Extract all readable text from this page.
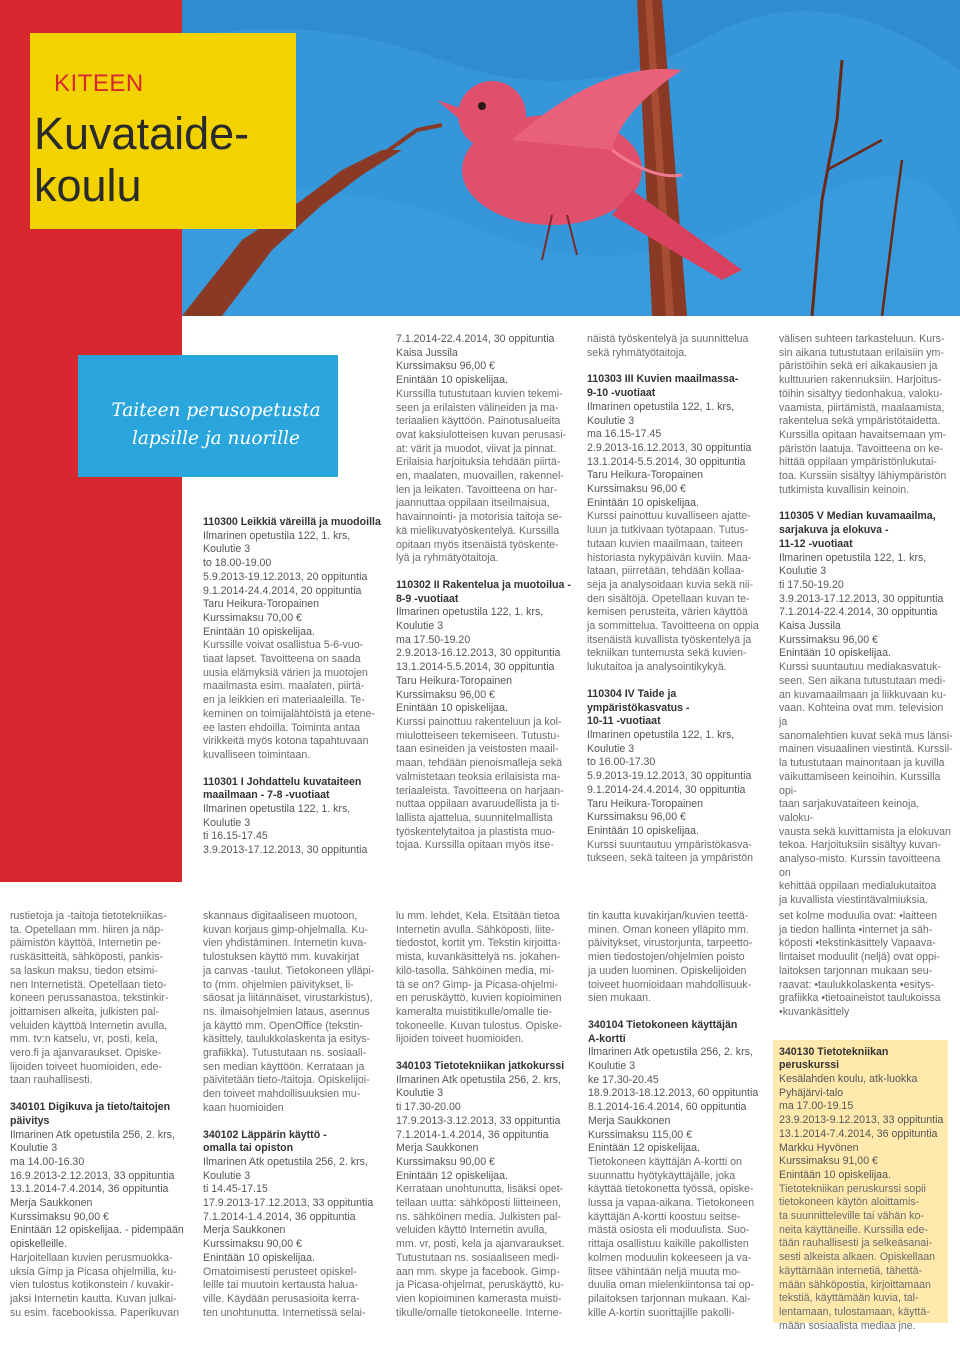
KITEEN
Kuvataide-
koulu
Taiteen perusopetusta
lapsille ja nuorille

110300 Leikkiä väreillä ja muodoilla

Ilmarinen opetustila 122, 1. krs,

Koulutie 3

to 18.00-19.00

5.9.2013-19.12.2013, 20 oppituntia

9.1.2014-24.4.2014, 20 oppituntia

Taru Heikura-Toropainen

Kurssimaksu 70,00 €

Enintään 10 opiskelijaa.

Kurssille voivat osallistua 5-6-vuo-

tiaat lapset. Tavoitteena on saada

uusia elämyksiä värien ja muotojen

maailmasta esim. maalaten, piirtä-

en ja leikkien eri materiaaleilla. Te-

keminen on toimijalähtöistä ja etene-

ee lasten ehdoilla. Toiminta antaa

virikkeitä myös kotona tapahtuvaan

kuvalliseen toimintaan.

110301 I Johdattelu kuvataiteen

maailmaan - 7-8 -vuotiaat

Ilmarinen opetustila 122, 1. krs,

Koulutie 3

ti 16.15-17.45

3.9.2013-17.12.2013, 30 oppituntia

7.1.2014-22.4.2014, 30 oppituntia

Kaisa Jussila

Kurssimaksu 96,00 €

Enintään 10 opiskelijaa.

Kurssilla tutustutaan kuvien tekemi-

seen ja erilaisten välineiden ja ma-

teriaalien käyttöön. Painotusalueita

ovat kaksiulotteisen kuvan perusasi-

at: värit ja muodot, viivat ja pinnat.

Erilaisia harjoituksia tehdään piirtä-

en, maalaten, muovaillen, rakennel-

len ja leikaten. Tavoitteena on har-

jaannuttaa oppilaan itseilmaisua,

havainnointi- ja motorisia taitoja se-

kä mielikuvatyöskentelyä. Kurssilla

opitaan myös itsenäistä työskente-

lyä ja ryhmätyötaitoja.

110302 II Rakentelua ja muotoilua -

8-9 -vuotiaat

Ilmarinen opetustila 122, 1. krs,

Koulutie 3

ma 17.50-19.20

2.9.2013-16.12.2013, 30 oppituntia

13.1.2014-5.5.2014, 30 oppituntia

Taru Heikura-Toropainen

Kurssimaksu 96,00 €

Enintään 10 opiskelijaa.

Kurssi painottuu rakenteluun ja kol-

miulotteiseen tekemiseen. Tutustu-

taan esineiden ja veistosten maail-

maan, tehdään pienoismalleja sekä

valmistetaan teoksia erilaisista ma-

teriaaleista. Tavoitteena on harjaan-

nuttaa oppilaan avaruudellista ja ti-

lallista ajattelua, suunnitelmallista

työskentelytaitoa ja plastista muo-

tojaa. Kurssilla opitaan myös itse-

näistä työskentelyä ja suunnittelua

sekä ryhmätyötaitoja.

110303 III Kuvien maailmassa-

9-10 -vuotiaat

Ilmarinen opetustila 122, 1. krs,

Koulutie 3

ma 16.15-17.45

2.9.2013-16.12.2013, 30 oppituntia

13.1.2014-5.5.2014, 30 oppituntia

Taru Heikura-Toropainen

Kurssimaksu 96,00 €

Enintään 10 opiskelijaa.

Kurssi painottuu kuvalliseen ajatte-

luun ja tutkivaan työtapaan. Tutus-

tutaan kuvien maailmaan, taiteen

historiasta nykypäivän kuviin. Maa-

lataan, piirretään, tehdään kollaa-

seja ja analysoidaan kuvia sekä nii-

den sisältöjä. Opetellaan kuvan te-

kemisen perusteita, värien käyttöä

ja sommittelua. Tavoitteena on oppia

itsenäistä kuvallista työskentelyä ja

tekniikan tuntemusta sekä kuvien-

lukutaitoa ja analysointikykyä.

110304 IV Taide ja ympäristökasvatus -

10-11 -vuotiaat

Ilmarinen opetustila 122, 1. krs,

Koulutie 3

to 16.00-17.30

5.9.2013-19.12.2013, 30 oppituntia

9.1.2014-24.4.2014, 30 oppituntia

Taru Heikura-Toropainen

Kurssimaksu 96,00 €

Enintään 10 opiskelijaa.

Kurssi suuntautuu ympäristökasva-

tukseen, sekä taiteen ja ympäristön

välisen suhteen tarkasteluun. Kurs-

sin aikana tutustutaan erilaisiin ym-

päristöihin sekä eri aikakausien ja

kulttuurien rakennuksiin. Harjoitus-

töihin sisältyy tiedonhakua, valoku-

vaamista, piirtämistä, maalaamista,

rakentelua sekä ympäristötaidetta.

Kurssilla opitaan havaitsemaan ym-

päristön laatuja. Tavoitteena on ke-

hittää oppilaan ympäristönlukutai-

toa. Kurssiin sisältyy lähiympäristön

tutkimista kuvallisin keinoin.

110305 V Median kuvamaailma,

sarjakuva ja elokuva -

11-12 -vuotiaat

Ilmarinen opetustila 122, 1. krs,

Koulutie 3

ti 17.50-19.20

3.9.2013-17.12.2013, 30 oppituntia

7.1.2014-22.4.2014, 30 oppituntia

Kaisa Jussila

Kurssimaksu 96,00 €

Enintään 10 opiskelijaa.

Kurssi suuntautuu mediakasvatuk-

seen. Sen aikana tutustutaan medi-

an kuvamaailmaan ja liikkuvaan ku-

vaan. Kohteina ovat mm. television ja

sanomalehtien kuvat sekä mus länsi-

mainen visuaalinen viestintä. Kurssil-

la tutustutaan mainontaan ja kuvilla

vaikuttamiseen keinoihin. Kurssilla opi-

taan sarjakuvataiteen keinoja, valoku-

vausta sekä kuvittamista ja elokuvan

tekoa. Harjoituksiin sisältyy kuvan-

analyso-misto. Kurssin tavoitteena on

kehittää oppilaan medialukutaitoa

ja kuvallista viestintävalmiuksia.

rustietoja ja -taitoja tietotekniikas-

ta. Opetellaan mm. hiiren ja näp-

päimistön käyttöä, Internetin pe-

ruskäsitteitä, sähköposti, pankis-

sa laskun maksu, tiedon etsimi-

nen Internetistä. Opetellaan tieto-

koneen perussanastoa, tekstinkir-

joittamisen alkeita, julkisten pal-

veluiden käyttöä Internetin avulla,

mm. tv:n katselu, vr, posti, kela,

vero.fi ja ajanvaraukset. Opiske-

lijoiden toiveet huomioiden, ede-

taan rauhallisesti.

340101 Digikuva ja tieto/taitojen

päivitys

Ilmarinen Atk opetustila 256, 2. krs,

Koulutie 3

ma 14.00-16.30

16.9.2013-2.12.2013, 33 oppituntia

13.1.2014-7.4.2014, 36 oppituntia

Merja Saukkonen

Kurssimaksu 90,00 €

Enintään 12 opiskelijaa. - pidempään

opiskelleille.

Harjoitellaan kuvien perusmuokka-

uksia Gimp ja Picasa ohjelmilla, ku-

vien tulostus kotikonstein / kuvakir-

jaksi Internetin kautta. Kuvan julkai-

su esim. facebookissa. Paperikuvan

skannaus digitaaliseen muotoon,

kuvan korjaus gimp-ohjelmalla. Ku-

vien yhdistäminen. Internetin kuva-

tulostuksen käyttö mm. kuvakirjat

ja canvas -taulut. Tietokoneen ylläpi-

to (mm. ohjelmien päivitykset, li-

säosat ja liitännäiset, virustarkistus),

ns. ilmaisohjelmien lataus, asennus

ja käyttö mm. OpenOffice (tekstin-

käsittely, taulukkolaskenta ja esitys-

grafiikka). Tutustutaan ns. sosiaali-

sen median käyttöön. Kerrataan ja

päivitetään tieto-/taitoja. Opiskelijoi-

den toiveet mahdollisuuksien mu-

kaan huomioiden

340102 Läppärin käyttö -

omalla tai opiston

Ilmarinen Atk opetustila 256, 2. krs,

Koulutie 3

ti 14.45-17.15

17.9.2013-17.12.2013, 33 oppituntia

7.1.2014-1.4.2014, 36 oppituntia

Merja Saukkonen

Kurssimaksu 90,00 €

Enintään 10 opiskelijaa.

Omatoimisesti perusteet opiskel-

leille tai muutoin kertausta halua-

ville. Käydään perusasioita kerra-

ten unohtunutta. Internetissä selai-

lu mm. lehdet, Kela. Etsitään tietoa

Internetin avulla. Sähköposti, liite-

tiedostot, kortit ym. Tekstin kirjoitta-

mista, kuvankäsittelyä ns. jokahen-

kilö-tasolla. Sähköinen media, mi-

tä se on? Gimp- ja Picasa-ohjelmi-

en peruskäyttö, kuvien kopioiminen

kameralta muistitikulle/omalle tie-

tokoneelle. Kuvan tulostus. Opiske-

lijoiden toiveet huomioiden.

340103 Tietotekniikan jatkokurssi

Ilmarinen Atk opetustila 256, 2. krs,

Koulutie 3

ti 17.30-20.00

17.9.2013-3.12.2013, 33 oppituntia

7.1.2014-1.4.2014, 36 oppituntia

Merja Saukkonen

Kurssimaksu 90,00 €

Enintään 12 opiskelijaa.

Kerrataan unohtunutta, lisäksi opet-

tellaan uutta: sähköposti liitteineen,

ns. sähköinen media. Julkisten pal-

veluiden käyttö Internetin avulla,

mm. vr, posti, kela ja ajanvaraukset.

Tutustutaan ns. sosiaaliseen medi-

aan mm. skype ja facebook. Gimp-

ja Picasa-ohjelmat, peruskäyttö, ku-

vien kopioiminen kamerasta muisti-

tikulle/omalle tietokoneelle. Interne-

tin kautta kuvakirjan/kuvien teettä-

minen. Oman koneen ylläpito mm.

päivitykset, virustorjunta, tarpeetto-

mien tiedostojen/ohjelmien poisto

ja uuden luominen. Opiskelijoiden

toiveet huomioidaan mahdollisuuk-

sien mukaan.

340104 Tietokoneen käyttäjän

A-kortti

Ilmarinen Atk opetustila 256, 2. krs,

Koulutie 3

ke 17.30-20.45

18.9.2013-18.12.2013, 60 oppituntia

8.1.2014-16.4.2014, 60 oppituntia

Merja Saukkonen

Kurssimaksu 115,00 €

Enintään 12 opiskelijaa.

Tietokoneen käyttäjän A-kortti on

suunnattu hyötykäyttäjälle, joka

käyttää tietokonetta työssä, opiske-

lussa ja vapaa-aikana. Tietokoneen

käyttäjän A-kortti koostuu seitse-

mästä osiosta eli moduulista. Suo-

rittaja osallistuu kaikille pakollisten

kolmen moduulin kokeeseen ja va-

litsee vähintään neljä muuta mo-

duulia oman mielenkiintonsa tai op-

pilaitoksen tarjonnan mukaan. Kai-

kille A-kortin suorittajille pakolli-

set kolme moduulia ovat: •laitteen

ja tiedon hallinta •internet ja säh-

köposti •tekstinkäsittely Vapaava-

lintaiset moduulit (neljä) ovat oppi-

laitoksen tarjonnan mukaan seu-

raavat: •taulukkolaskenta •esitys-

grafiikka •tietoaineistot taulukoissa

•kuvankäsittely

340130 Tietotekniikan peruskurssi

Kesälahden koulu, atk-luokka

Pyhäjärvi-talo

ma 17.00-19.15

23.9.2013-9.12.2013, 33 oppituntia

13.1.2014-7.4.2014, 36 oppituntia

Markku Hyvönen

Kurssimaksu 91,00 €

Enintään 10 opiskelijaa.

Tietotekniikan peruskurssi sopii

tietokoneen käytön aloittamis-

ta suunnitteleville tai vähän ko-

neita käyttäneille. Kurssilla ede-

tään rauhallisesti ja selkeäsanai-

sesti alkeista alkaen. Opiskellaan

käyttämään internetiä, tähettä-

mään sähköpostia, kirjoittamaan

tekstiä, käyttämään kuvia, tal-

lentamaan, tulostamaan, käyttä-

mään sosiaalista mediaa jne.
